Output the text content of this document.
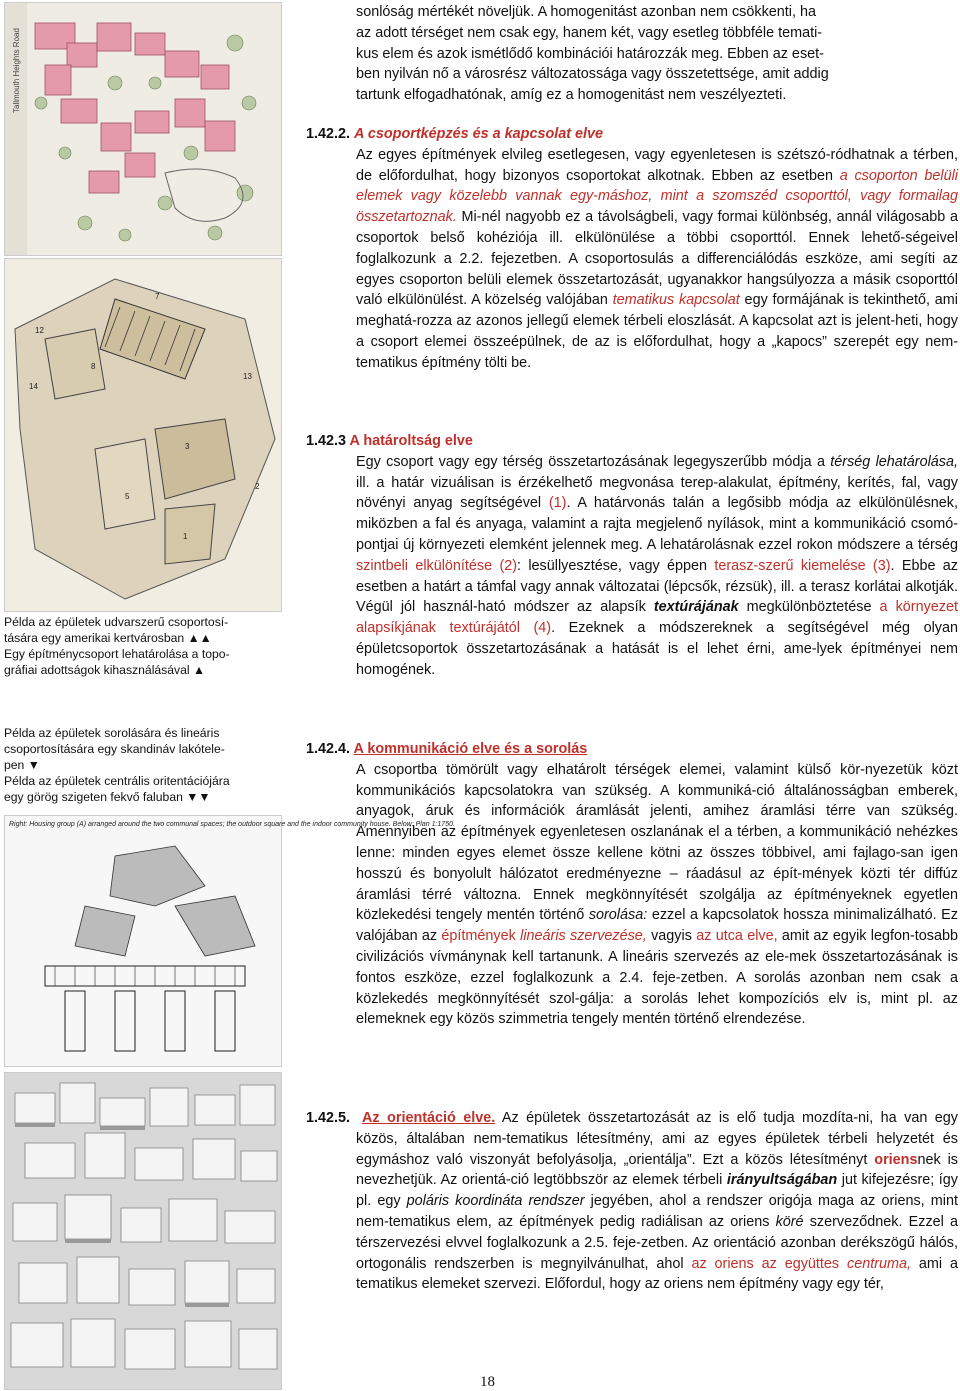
Tallmouth Heights Road
7
12
8
14
13
3
2
5
1

Példa az épületek udvarszerű csoportosí-

tására egy amerikai kertvárosban ▲▲

Egy építménycsoport lehatárolása a topo-

gráfiai adottságok kihasználásával ▲

Példa az épületek sorolására és lineáris

csoportosítására egy skandináv lakótele-

pen ▼

Példa az épületek centrális oritentációjára

egy görög szigeten fekvő faluban ▼▼

Right: Housing group (A) arranged around the two communal spaces; the outdoor square and the indoor community house. Below: Plan 1:1750.
sonlóság mértékét növeljük. A homogenitást azonban nem csökkenti, ha
az adott térséget nem csak egy, hanem két, vagy esetleg többféle temati-
kus elem és azok ismétlődő kombinációi határozzák meg. Ebben az eset-
ben nyilván nő a városrész változatossága vagy összetettsége, amit addig
tartunk elfogadhatónak, amíg ez a homogenitást nem veszélyezteti.
1.42.2. A csoportképzés és a kapcsolat elve
Az egyes építmények elvileg esetlegesen, vagy egyenletesen is szétszó-ródhatnak a térben, de előfordulhat, hogy bizonyos csoportokat alkotnak. Ebben az esetben a csoporton belüli elemek vagy közelebb vannak egy-máshoz, mint a szomszéd csoporttól, vagy formailag összetartoznak. Mi-nél nagyobb ez a távolságbeli, vagy formai különbség, annál világosabb a csoportok belső kohéziója ill. elkülönülése a többi csoporttól. Ennek lehető-ségeivel foglalkozunk a 2.2. fejezetben. A csoportosulás a differenciálódás eszköze, ami segíti az egyes csoporton belüli elemek összetartozását, ugyanakkor hangsúlyozza a másik csoporttól való elkülönülést. A közelség valójában tematikus kapcsolat egy formájának is tekinthető, ami meghatá-rozza az azonos jellegű elemek térbeli eloszlását. A kapcsolat azt is jelent-heti, hogy a csoport elemei összeépülnek, de az is előfordulhat, hogy a „kapocs” szerepét egy nem-tematikus építmény tölti be.
1.42.3 A határoltság elve
Egy csoport vagy egy térség összetartozásának legegyszerűbb módja a térség lehatárolása, ill. a határ vizuálisan is érzékelhető megvonása terep-alakulat, építmény, kerítés, fal, vagy növényi anyag segítségével (1). A határvonás talán a legősibb módja az elkülönülésnek, miközben a fal és anyaga, valamint a rajta megjelenő nyílások, mint a kommunikáció csomó-pontjai új környezeti elemként jelennek meg. A lehatárolásnak ezzel rokon módszere a térség szintbeli elkülönítése (2): lesüllyesztése, vagy éppen terasz-szerű kiemelése (3). Ebbe az esetben a határt a támfal vagy annak változatai (lépcsők, rézsük), ill. a terasz korlátai alkotják. Végül jól használ-ható módszer az alapsík textúrájának megkülönböztetése a környezet alapsíkjának textúrájától (4). Ezeknek a módszereknek a segítségével még olyan épületcsoportok összetartozásának a hatását is el lehet érni, ame-lyek építményei nem homogének.
1.42.4. A kommunikáció elve és a sorolás
A csoportba tömörült vagy elhatárolt térségek elemei, valamint külső kör-nyezetük közt kommunikációs kapcsolatokra van szükség. A kommuniká-ció általánosságban emberek, anyagok, áruk és információk áramlását jelenti, amihez áramlási térre van szükség. Amennyiben az építmények egyenletesen oszlanának el a térben, a kommunikáció nehézkes lenne: minden egyes elemet össze kellene kötni az összes többivel, ami fajlago-san igen hosszú és bonyolult hálózatot eredményezne – ráadásul az épít-mények közti tér diffúz áramlási térré változna. Ennek megkönnyítését szolgálja az építményeknek egyetlen közlekedési tengely mentén történő sorolása: ezzel a kapcsolatok hossza minimalizálható. Ez valójában az építmények lineáris szervezése, vagyis az utca elve, amit az egyik legfon-tosabb civilizációs vívmánynak kell tartanunk. A lineáris szervezés az ele-mek összetartozásának is fontos eszköze, ezzel foglalkozunk a 2.4. feje-zetben. A sorolás azonban nem csak a közlekedés megkönnyítését szol-gálja: a sorolás lehet kompozíciós elv is, mint pl. az elemeknek egy közös szimmetria tengely mentén történő elrendezése.
1.42.5. Az orientáció elve. Az épületek összetartozását az is elő tudja mozdíta-ni, ha van egy közös, általában nem-tematikus létesítmény, ami az egyes épületek térbeli helyzetét és egymáshoz való viszonyát befolyásolja, „orientálja”. Ezt a közös létesítményt oriensnek is nevezhetjük. Az orientá-ció legtöbbször az elemek térbeli irányultságában jut kifejezésre; így pl. egy poláris koordináta rendszer jegyében, ahol a rendszer origója maga az oriens, mint nem-tematikus elem, az építmények pedig radiálisan az oriens köré szerveződnek. Ezzel a térszervezési elvvel foglalkozunk a 2.5. feje-zetben. Az orientáció azonban derékszögű hálós, ortogonális rendszerben is megnyilvánulhat, ahol az oriens az együttes centruma, ami a tematikus elemeket szervezi. Előfordul, hogy az oriens nem építmény vagy egy tér,
18
